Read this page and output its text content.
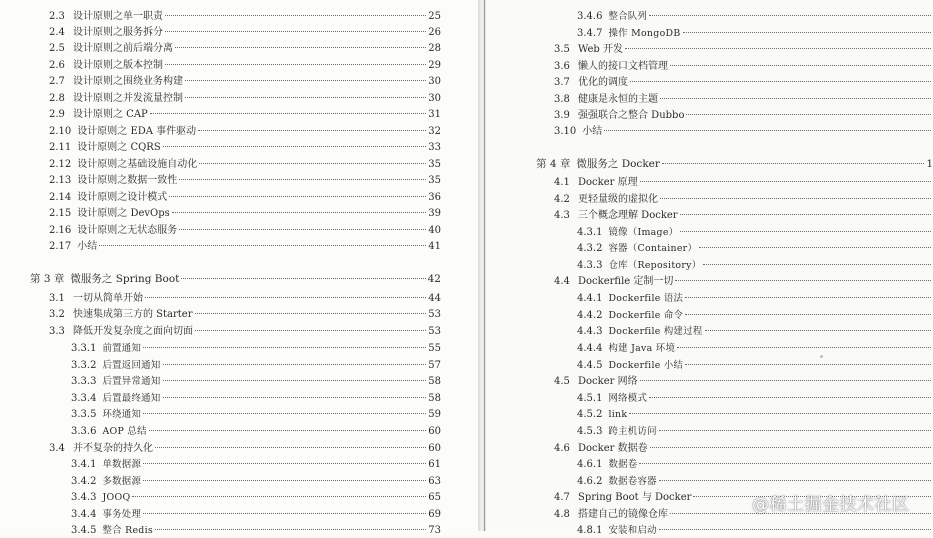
2.3 设计原则之单一职责	25
2.4 设计原则之服务拆分	26
2.5 设计原则之前后端分离	28
2.6 设计原则之版本控制	29
2.7 设计原则之围绕业务构建	30
2.8 设计原则之并发流量控制	30
2.9 设计原则之 CAP	31
2.10 设计原则之 EDA 事件驱动	32
2.11 设计原则之 CQRS	33
2.12 设计原则之基础设施自动化	35
2.13 设计原则之数据一致性	35
2.14 设计原则之设计模式	36
2.15 设计原则之 DevOps	39
2.16 设计原则之无状态服务	40
2.17 小结	41
第 3 章 微服务之 Spring Boot	42
3.1 一切从简单开始	44
3.2 快速集成第三方的 Starter	53
3.3 降低开发复杂度之面向切面	53
3.3.1 前置通知	55
3.3.2 后置返回通知	57
3.3.3 后置异常通知	58
3.3.4 后置最终通知	58
3.3.5 环绕通知	59
3.3.6 AOP 总结	60
3.4 并不复杂的持久化	60
3.4.1 单数据源	61
3.4.2 多数据源	63
3.4.3 JOOQ	65
3.4.4 事务处理	69
3.4.5 整合 Redis	73
3.4.6 整合队列
3.4.7 操作 MongoDB
3.5 Web 开发
3.6 懒人的接口文档管理
3.7 优化的调度
3.8 健康是永恒的主题
3.9 强强联合之整合 Dubbo
3.10 小结
第 4 章 微服务之 Docker	1
4.1 Docker 原理
4.2 更轻量级的虚拟化
4.3 三个概念理解 Docker
4.3.1 镜像（Image）
4.3.2 容器（Container）
4.3.3 仓库（Repository）
4.4 Dockerfile 定制一切
4.4.1 Dockerfile 语法
4.4.2 Dockerfile 命令
4.4.3 Dockerfile 构建过程
4.4.4 构建 Java 环境
4.4.5 Dockerfile 小结
4.5 Docker 网络
4.5.1 网络模式
4.5.2 link
4.5.3 跨主机访问
4.6 Docker 数据卷
4.6.1 数据卷
4.6.2 数据卷容器
4.7 Spring Boot 与 Docker
4.8 搭建自己的镜像仓库
4.8.1 安装和启动
@稀土掘金技术社区
